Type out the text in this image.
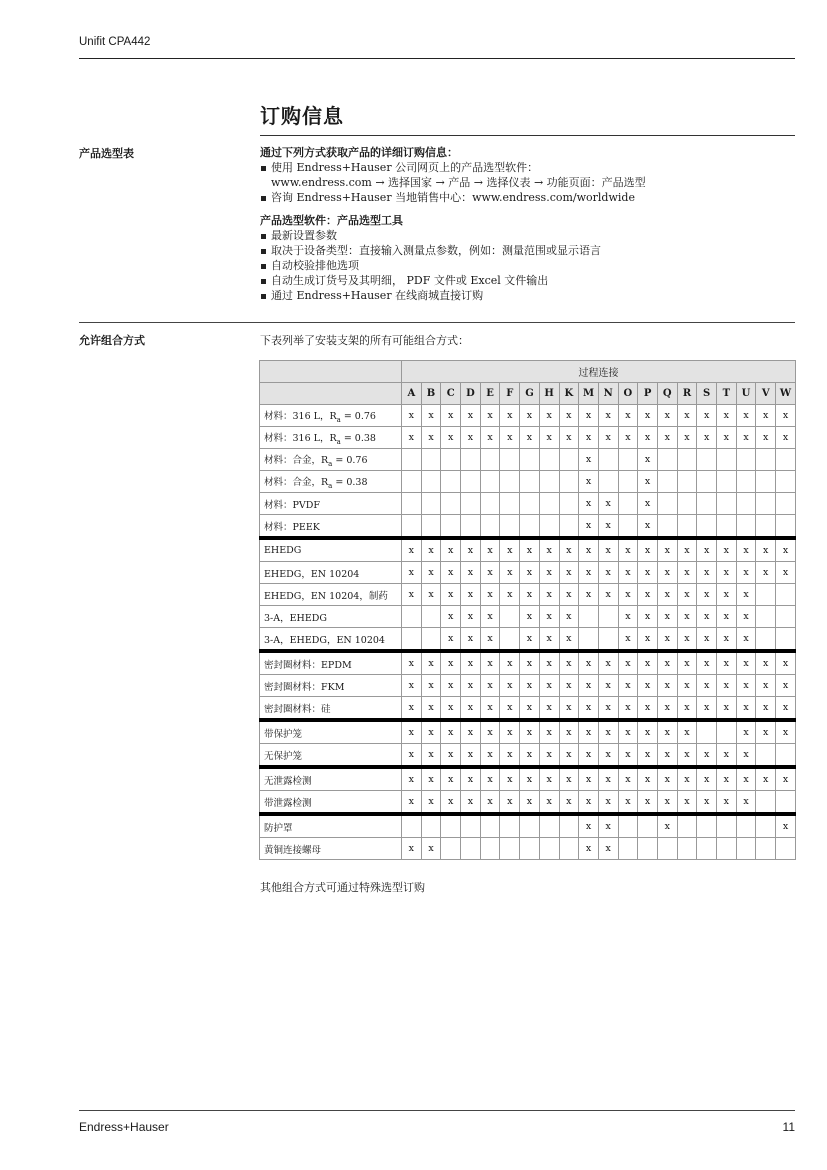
Unifit CPA442
订购信息
产品选型表	通过下列方式获取产品的详细订购信息：

使用 Endress+Hauser 公司网页上的产品选型软件：
www.endress.com → 选择国家 → 产品 → 选择仪表 → 功能页面：产品选型
咨询 Endress+Hauser 当地销售中心：www.endress.com/worldwide

产品选型软件：产品选型工具

最新设置参数
取决于设备类型：直接输入测量点参数，例如：测量范围或显示语言
自动校验排他选项
自动生成订货号及其明细， PDF 文件或 Excel 文件输出
通过 Endress+Hauser 在线商城直接订购
允许组合方式	下表列举了安装支架的所有可能组合方式：
	过程连接																			
	A	B	C	D	E	F	G	H	K	M	N	O	P	Q	R	S	T	U	V	W
材料：316 L，$R_a = 0.76$	x	x	x	x	x	x	x	x	x	x	x	x	x	x	x	x	x	x	x	x
材料：316 L，$R_a = 0.38$	x	x	x	x	x	x	x	x	x	x	x	x	x	x	x	x	x	x	x	x
材料：合金，$R_a = 0.76$										x			x							
材料：合金，$R_a = 0.38$										x			x							
材料：PVDF										x	x		x							
材料：PEEK										x	x		x							
EHEDG	x	x	x	x	x	x	x	x	x	x	x	x	x	x	x	x	x	x	x	x
EHEDG，EN 10204	x	x	x	x	x	x	x	x	x	x	x	x	x	x	x	x	x	x	x	x
EHEDG，EN 10204，制药	x	x	x	x	x	x	x	x	x	x	x	x	x	x	x	x	x	x		
3-A，EHEDG			x	x	x		x	x	x			x	x	x	x	x	x	x		
3-A，EHEDG，EN 10204			x	x	x		x	x	x			x	x	x	x	x	x	x		
密封圈材料：EPDM	x	x	x	x	x	x	x	x	x	x	x	x	x	x	x	x	x	x	x	x
密封圈材料：FKM	x	x	x	x	x	x	x	x	x	x	x	x	x	x	x	x	x	x	x	x
密封圈材料：硅	x	x	x	x	x	x	x	x	x	x	x	x	x	x	x	x	x	x	x	x
带保护笼	x	x	x	x	x	x	x	x	x	x	x	x	x	x	x			x	x	x
无保护笼	x	x	x	x	x	x	x	x	x	x	x	x	x	x	x	x	x	x		
无泄露检测	x	x	x	x	x	x	x	x	x	x	x	x	x	x	x	x	x	x	x	x
带泄露检测	x	x	x	x	x	x	x	x	x	x	x	x	x	x	x	x	x	x		
防护罩										x	x			x						x
黄铜连接螺母	x	x								x	x									
其他组合方式可通过特殊选型订购
Endress+Hauser	11
